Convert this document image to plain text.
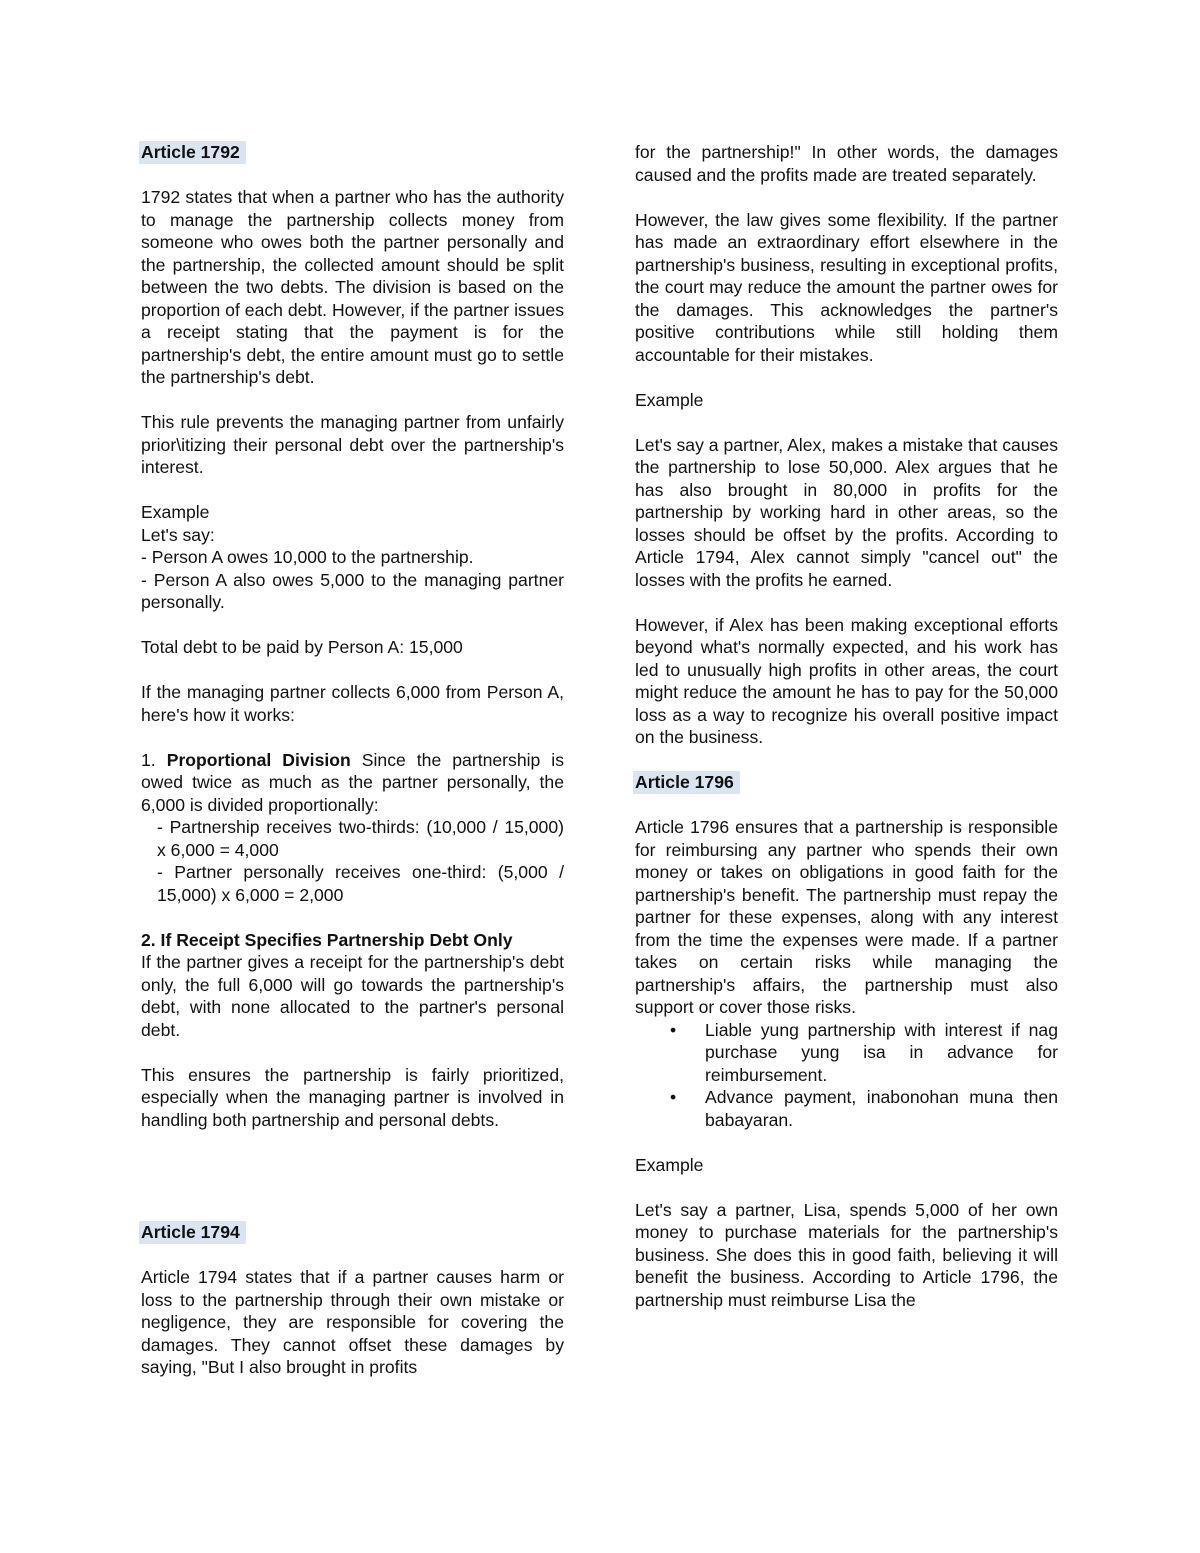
Article 1792

1792 states that when a partner who has the authority to manage the partnership collects money from someone who owes both the partner personally and the partnership, the collected amount should be split between the two debts. The division is based on the proportion of each debt. However, if the partner issues a receipt stating that the payment is for the partnership's debt, the entire amount must go to settle the partnership's debt.

This rule prevents the managing partner from unfairly prior\itizing their personal debt over the partnership's interest.

Example

Let's say:

- Person A owes 10,000 to the partnership.

- Person A also owes 5,000 to the managing partner personally.

Total debt to be paid by Person A: 15,000

If the managing partner collects 6,000 from Person A, here's how it works:

1. Proportional Division Since the partnership is owed twice as much as the partner personally, the 6,000 is divided proportionally:

- Partnership receives two-thirds: (10,000 / 15,000) x 6,000 = 4,000

- Partner personally receives one-third: (5,000 / 15,000) x 6,000 = 2,000

2. If Receipt Specifies Partnership Debt Only

If the partner gives a receipt for the partnership's debt only, the full 6,000 will go towards the partnership's debt, with none allocated to the partner's personal debt.

This ensures the partnership is fairly prioritized, especially when the managing partner is involved in handling both partnership and personal debts.

Article 1794

Article 1794 states that if a partner causes harm or loss to the partnership through their own mistake or negligence, they are responsible for covering the damages. They cannot offset these damages by saying, "But I also brought in profits

for the partnership!" In other words, the damages caused and the profits made are treated separately.

However, the law gives some flexibility. If the partner has made an extraordinary effort elsewhere in the partnership's business, resulting in exceptional profits, the court may reduce the amount the partner owes for the damages. This acknowledges the partner's positive contributions while still holding them accountable for their mistakes.

Example

Let's say a partner, Alex, makes a mistake that causes the partnership to lose 50,000. Alex argues that he has also brought in 80,000 in profits for the partnership by working hard in other areas, so the losses should be offset by the profits. According to Article 1794, Alex cannot simply "cancel out" the losses with the profits he earned.

However, if Alex has been making exceptional efforts beyond what's normally expected, and his work has led to unusually high profits in other areas, the court might reduce the amount he has to pay for the 50,000 loss as a way to recognize his overall positive impact on the business.

Article 1796

Article 1796 ensures that a partnership is responsible for reimbursing any partner who spends their own money or takes on obligations in good faith for the partnership's benefit. The partnership must repay the partner for these expenses, along with any interest from the time the expenses were made. If a partner takes on certain risks while managing the partnership's affairs, the partnership must also support or cover those risks.

• Liable yung partnership with interest if nag purchase yung isa in advance for reimbursement.
• Advance payment, inabonohan muna then babayaran.

Example

Let's say a partner, Lisa, spends 5,000 of her own money to purchase materials for the partnership's business. She does this in good faith, believing it will benefit the business. According to Article 1796, the partnership must reimburse Lisa the
